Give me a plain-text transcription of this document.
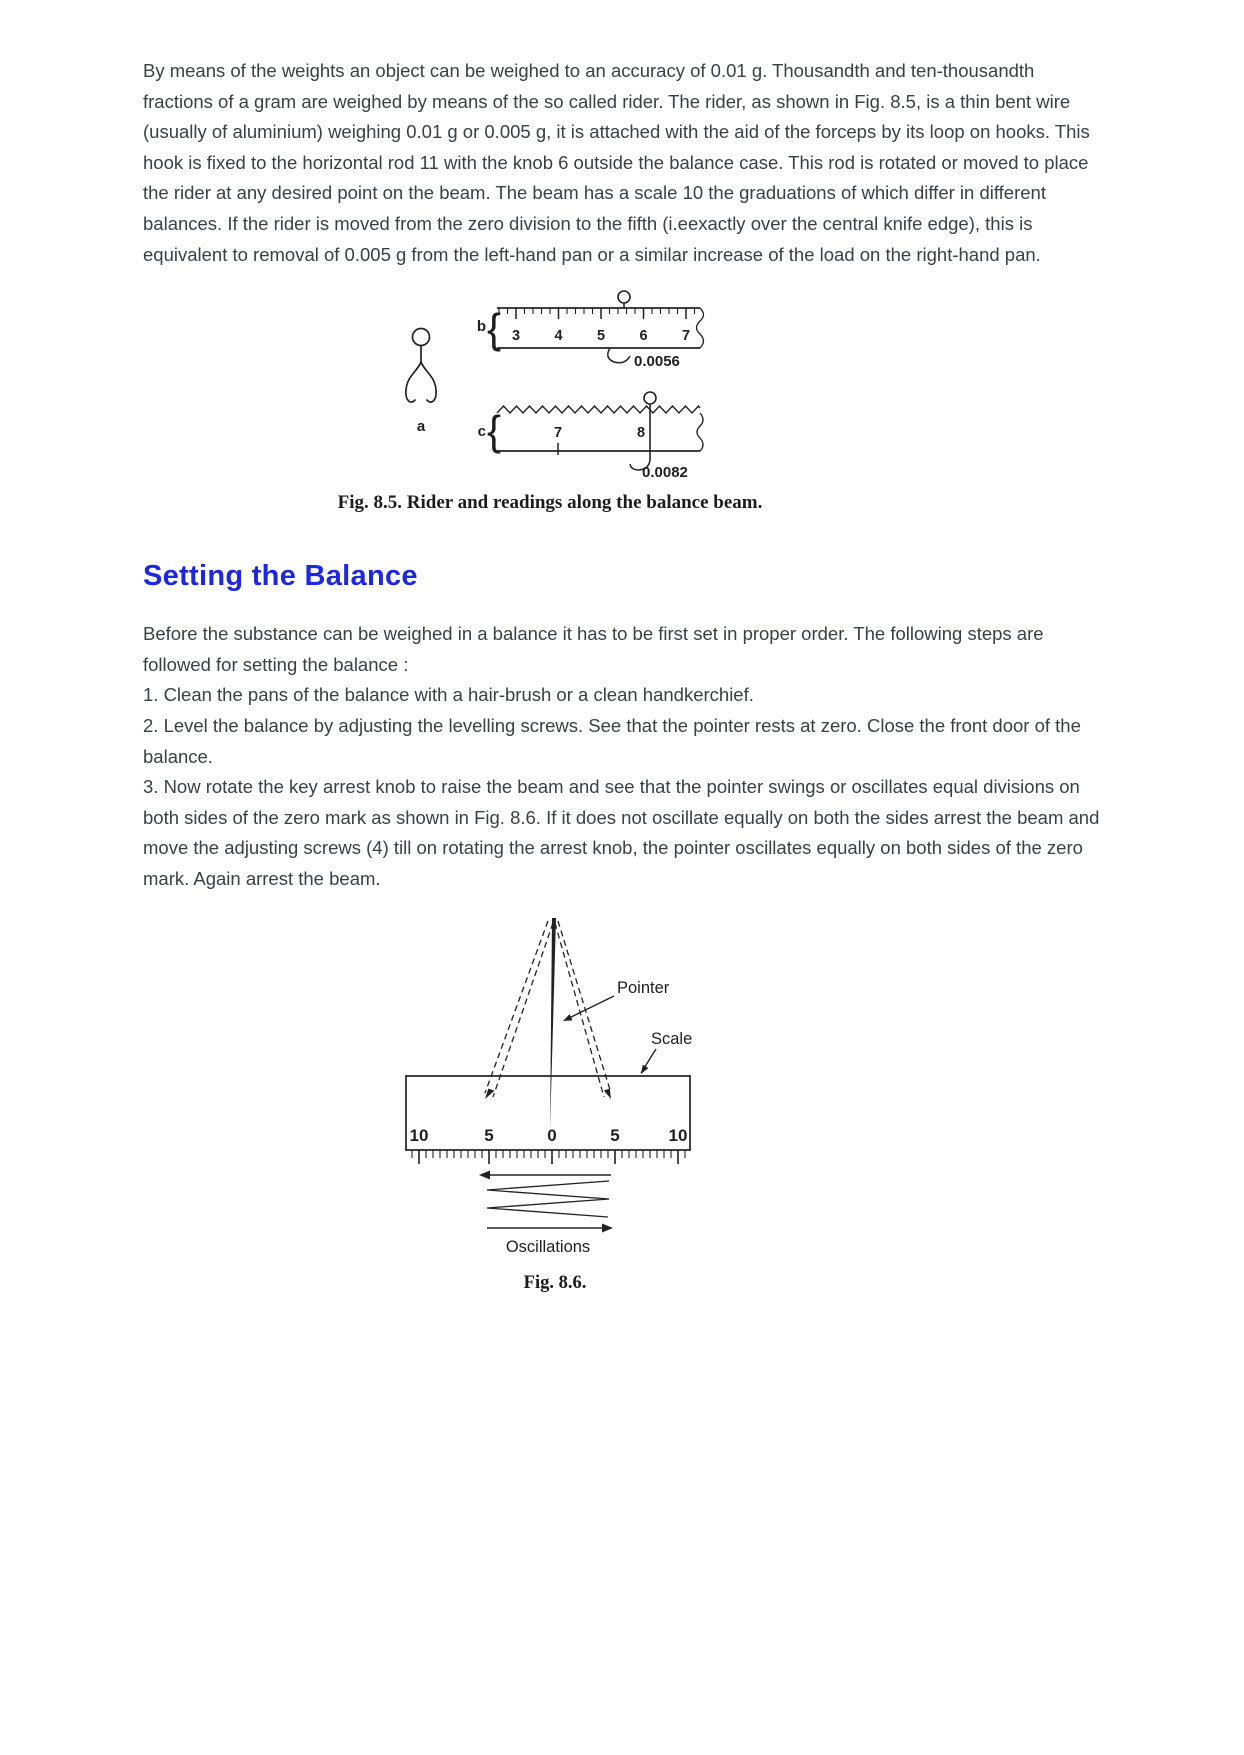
By means of the weights an object can be weighed to an accuracy of 0.01 g. Thousandth and ten-thousandth fractions of a gram are weighed by means of the so called rider. The rider, as shown in Fig. 8.5, is a thin bent wire (usually of aluminium) weighing 0.01 g or 0.005 g, it is attached with the aid of the forceps by its loop on hooks. This hook is fixed to the horizontal rod 11 with the knob 6 outside the balance case. This rod is rotated or moved to place the rider at any desired point on the beam. The beam has a scale 10 the graduations of which differ in different balances. If the rider is moved from the zero division to the fifth (i.eexactly over the central knife edge), this is equivalent to removal of 0.005 g from the left-hand pan or a similar increase of the load on the right-hand pan.

a
b { 3 4 5 6 7
0.0056
c {	7	8
0.0082
Fig. 8.5. Rider and readings along the balance beam.
Setting the Balance

Before the substance can be weighed in a balance it has to be first set in proper order. The following steps are followed for setting the balance :

1. Clean the pans of the balance with a hair-brush or a clean handkerchief.

2. Level the balance by adjusting the levelling screws. See that the pointer rests at zero. Close the front door of the balance.

3. Now rotate the key arrest knob to raise the beam and see that the pointer swings or oscillates equal divisions on both sides of the zero mark as shown in Fig. 8.6. If it does not oscillate equally on both the sides arrest the beam and move the adjusting screws (4) till on rotating the arrest knob, the pointer oscillates equally on both sides of the zero mark. Again arrest the beam.

Pointer
Scale
10	5	0	5	10
Oscillations
Fig. 8.6.
